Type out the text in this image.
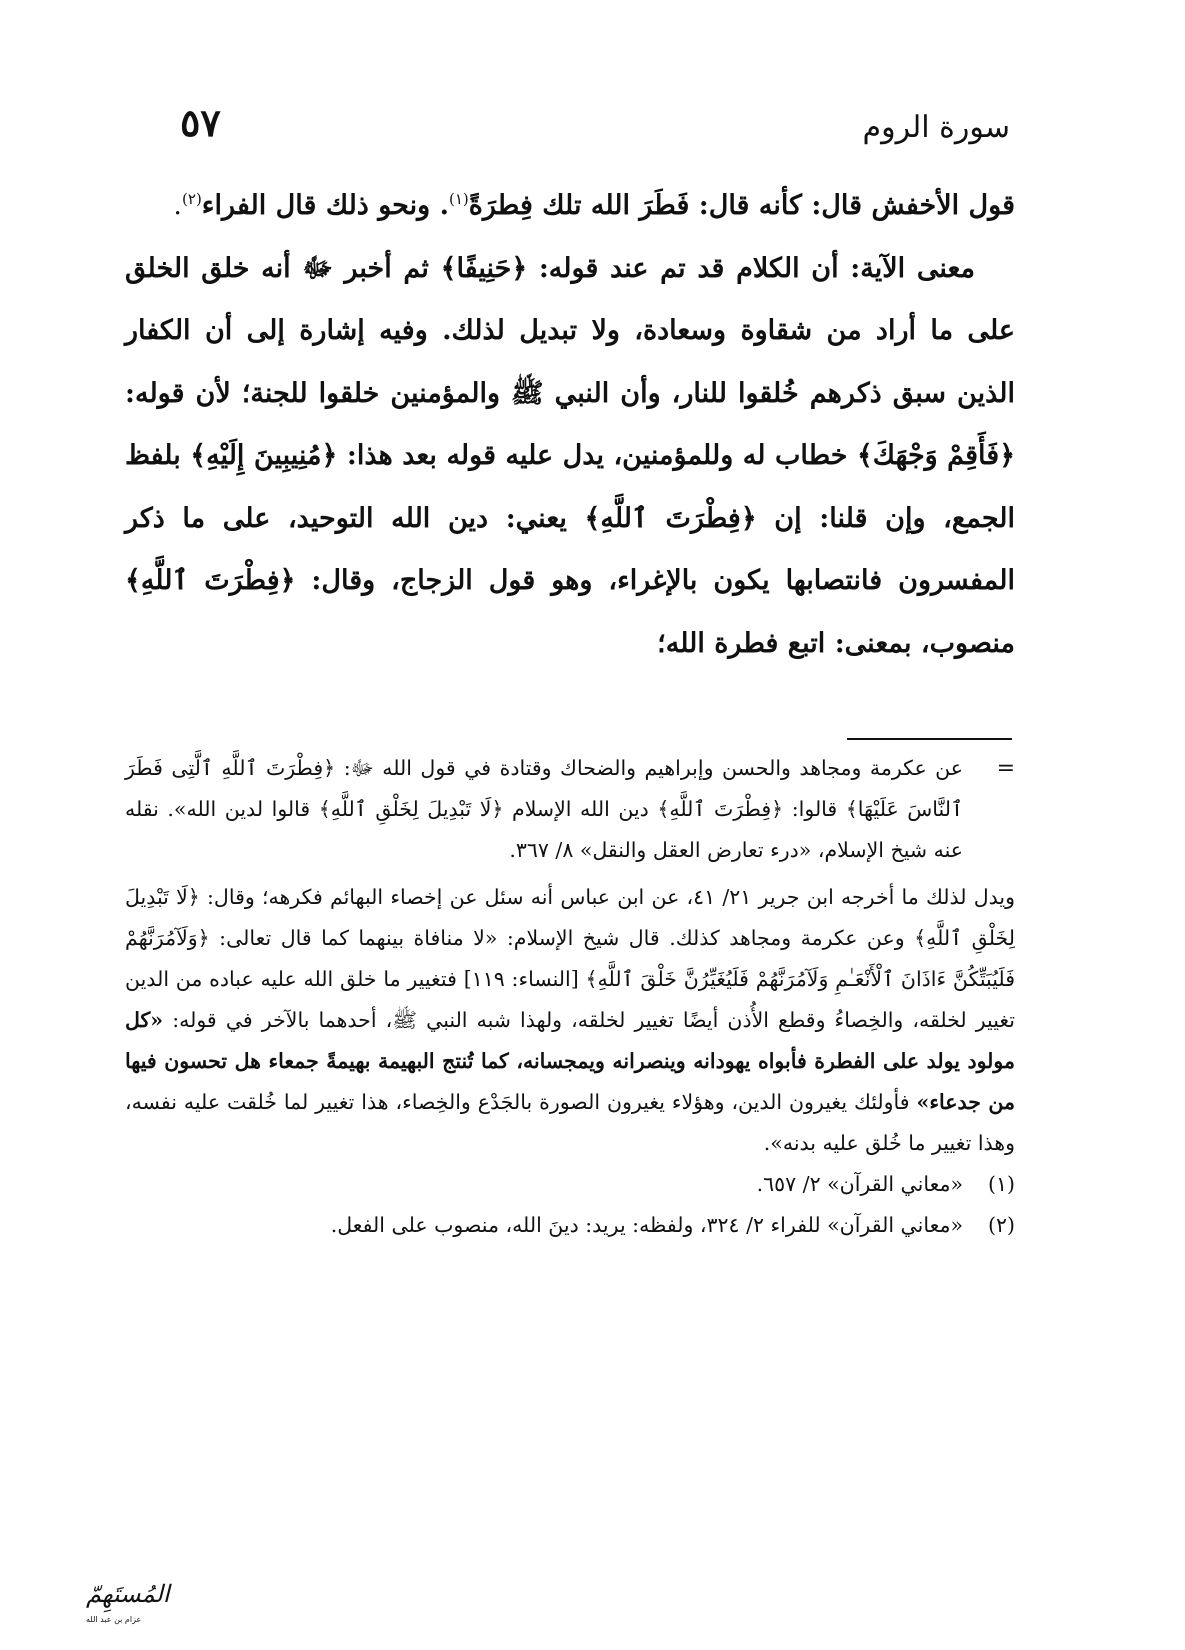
سورة الروم
٥٧

قول الأخفش قال: كأنه قال: فَطَرَ الله تلك فِطرَةً$^{(١)}$. ونحو ذلك قال الفراء$^{(٢)}$.

معنى الآية: أن الكلام قد تم عند قوله: ﴿حَنِيفًا﴾ ثم أخبر ﷻ أنه خلق الخلق على ما أراد من شقاوة وسعادة، ولا تبديل لذلك. وفيه إشارة إلى أن الكفار الذين سبق ذكرهم خُلقوا للنار، وأن النبي ﷺ والمؤمنين خلقوا للجنة؛ لأن قوله: ﴿فَأَقِمْ وَجْهَكَ﴾ خطاب له وللمؤمنين، يدل عليه قوله بعد هذا: ﴿مُنِيبِينَ إِلَيْهِ﴾ بلفظ الجمع، وإن قلنا: إن ﴿فِطْرَتَ ٱللَّهِ﴾ يعني: دين الله التوحيد، على ما ذكر المفسرون فانتصابها يكون بالإغراء، وهو قول الزجاج، وقال: ﴿فِطْرَتَ ٱللَّهِ﴾ منصوب، بمعنى: اتبع فطرة الله؛

=

عن عكرمة ومجاهد والحسن وإبراهيم والضحاك وقتادة في قول الله ﷻ: ﴿فِطْرَتَ ٱللَّهِ ٱلَّتِى فَطَرَ ٱلنَّاسَ عَلَيْهَا﴾ قالوا: ﴿فِطْرَتَ ٱللَّهِ﴾ دين الله الإسلام ﴿لَا تَبْدِيلَ لِخَلْقِ ٱللَّهِ﴾ قالوا لدين الله». نقله عنه شيخ الإسلام، «درء تعارض العقل والنقل» ٨/ ٣٦٧.

ويدل لذلك ما أخرجه ابن جرير ٢١/ ٤١، عن ابن عباس أنه سئل عن إخصاء البهائم فكرهه؛ وقال: ﴿لَا تَبْدِيلَ لِخَلْقِ ٱللَّهِ﴾ وعن عكرمة ومجاهد كذلك. قال شيخ الإسلام: «لا منافاة بينهما كما قال تعالى: ﴿وَلَآمُرَنَّهُمْ فَلَيُبَتِّكُنَّ ءَاذَانَ ٱلْأَنْعَـٰمِ وَلَآمُرَنَّهُمْ فَلَيُغَيِّرُنَّ خَلْقَ ٱللَّهِ﴾ [النساء: ١١٩] فتغيير ما خلق الله عليه عباده من الدين تغيير لخلقه، والخِصاءُ وقطع الأُذن أيضًا تغيير لخلقه، ولهذا شبه النبي ﷺ، أحدهما بالآخر في قوله: «كل مولود يولد على الفطرة فأبواه يهودانه وينصرانه ويمجسانه، كما تُنتج البهيمة بهيمةً جمعاء هل تحسون فيها من جدعاء» فأولئك يغيرون الدين، وهؤلاء يغيرون الصورة بالجَدْع والخِصاء، هذا تغيير لما خُلقت عليه نفسه، وهذا تغيير ما خُلق عليه بدنه».

(١)
«معاني القرآن» ٢/ ٦٥٧.

(٢)
«معاني القرآن» للفراء ٢/ ٣٢٤، ولفظه: يريد: دينَ الله، منصوب على الفعل.

المُستَهِمّ
عزام بن عبد الله
